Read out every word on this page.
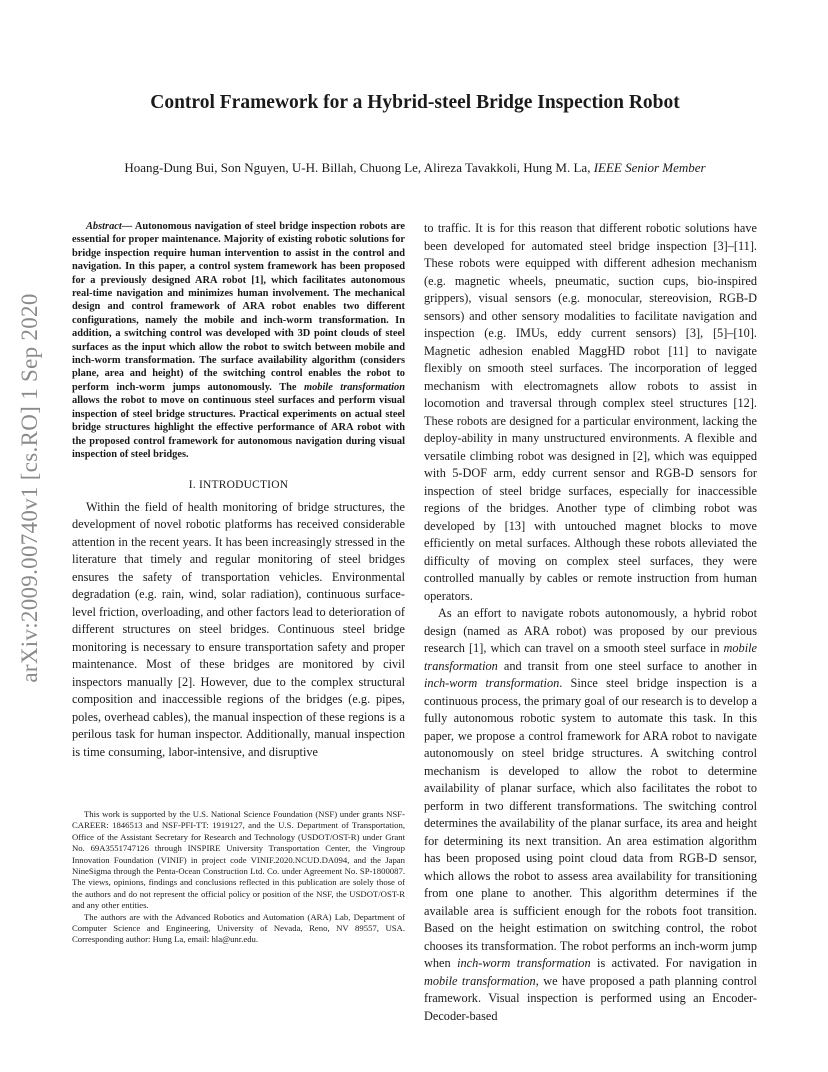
Control Framework for a Hybrid-steel Bridge Inspection Robot

Hoang-Dung Bui, Son Nguyen, U-H. Billah, Chuong Le, Alireza Tavakkoli, Hung M. La, IEEE Senior Member

arXiv:2009.00740v1 [cs.RO] 1 Sep 2020

Abstract— Autonomous navigation of steel bridge inspection robots are essential for proper maintenance. Majority of existing robotic solutions for bridge inspection require human intervention to assist in the control and navigation. In this paper, a control system framework has been proposed for a previously designed ARA robot [1], which facilitates autonomous real-time navigation and minimizes human involvement. The mechanical design and control framework of ARA robot enables two different configurations, namely the mobile and inch-worm transformation. In addition, a switching control was developed with 3D point clouds of steel surfaces as the input which allow the robot to switch between mobile and inch-worm transformation. The surface availability algorithm (considers plane, area and height) of the switching control enables the robot to perform inch-worm jumps autonomously. The mobile transformation allows the robot to move on continuous steel surfaces and perform visual inspection of steel bridge structures. Practical experiments on actual steel bridge structures highlight the effective performance of ARA robot with the proposed control framework for autonomous navigation during visual inspection of steel bridges.

I. INTRODUCTION

Within the field of health monitoring of bridge structures, the development of novel robotic platforms has received considerable attention in the recent years. It has been increasingly stressed in the literature that timely and regular monitoring of steel bridges ensures the safety of transportation vehicles. Environmental degradation (e.g. rain, wind, solar radiation), continuous surface-level friction, overloading, and other factors lead to deterioration of different structures on steel bridges. Continuous steel bridge monitoring is necessary to ensure transportation safety and proper maintenance. Most of these bridges are monitored by civil inspectors manually [2]. However, due to the complex structural composition and inaccessible regions of the bridges (e.g. pipes, poles, overhead cables), the manual inspection of these regions is a perilous task for human inspector. Additionally, manual inspection is time consuming, labor-intensive, and disruptive

This work is supported by the U.S. National Science Foundation (NSF) under grants NSF-CAREER: 1846513 and NSF-PFI-TT: 1919127, and the U.S. Department of Transportation, Office of the Assistant Secretary for Research and Technology (USDOT/OST-R) under Grant No. 69A3551747126 through INSPIRE University Transportation Center, the Vingroup Innovation Foundation (VINIF) in project code VINIF.2020.NCUD.DA094, and the Japan NineSigma through the Penta-Ocean Construction Ltd. Co. under Agreement No. SP-1800087. The views, opinions, findings and conclusions reflected in this publication are solely those of the authors and do not represent the official policy or position of the NSF, the USDOT/OST-R and any other entities.

The authors are with the Advanced Robotics and Automation (ARA) Lab, Department of Computer Science and Engineering, University of Nevada, Reno, NV 89557, USA. Corresponding author: Hung La, email: hla@unr.edu.

to traffic. It is for this reason that different robotic solutions have been developed for automated steel bridge inspection [3]–[11]. These robots were equipped with different adhesion mechanism (e.g. magnetic wheels, pneumatic, suction cups, bio-inspired grippers), visual sensors (e.g. monocular, stereovision, RGB-D sensors) and other sensory modalities to facilitate navigation and inspection (e.g. IMUs, eddy current sensors) [3], [5]–[10]. Magnetic adhesion enabled MaggHD robot [11] to navigate flexibly on smooth steel surfaces. The incorporation of legged mechanism with electromagnets allow robots to assist in locomotion and traversal through complex steel structures [12]. These robots are designed for a particular environment, lacking the deploy-ability in many unstructured environments. A flexible and versatile climbing robot was designed in [2], which was equipped with 5-DOF arm, eddy current sensor and RGB-D sensors for inspection of steel bridge surfaces, especially for inaccessible regions of the bridges. Another type of climbing robot was developed by [13] with untouched magnet blocks to move efficiently on metal surfaces. Although these robots alleviated the difficulty of moving on complex steel surfaces, they were controlled manually by cables or remote instruction from human operators.

As an effort to navigate robots autonomously, a hybrid robot design (named as ARA robot) was proposed by our previous research [1], which can travel on a smooth steel surface in mobile transformation and transit from one steel surface to another in inch-worm transformation. Since steel bridge inspection is a continuous process, the primary goal of our research is to develop a fully autonomous robotic system to automate this task. In this paper, we propose a control framework for ARA robot to navigate autonomously on steel bridge structures. A switching control mechanism is developed to allow the robot to determine availability of planar surface, which also facilitates the robot to perform in two different transformations. The switching control determines the availability of the planar surface, its area and height for determining its next transition. An area estimation algorithm has been proposed using point cloud data from RGB-D sensor, which allows the robot to assess area availability for transitioning from one plane to another. This algorithm determines if the available area is sufficient enough for the robots foot transition. Based on the height estimation on switching control, the robot chooses its transformation. The robot performs an inch-worm jump when inch-worm transformation is activated. For navigation in mobile transformation, we have proposed a path planning control framework. Visual inspection is performed using an Encoder-Decoder-based
